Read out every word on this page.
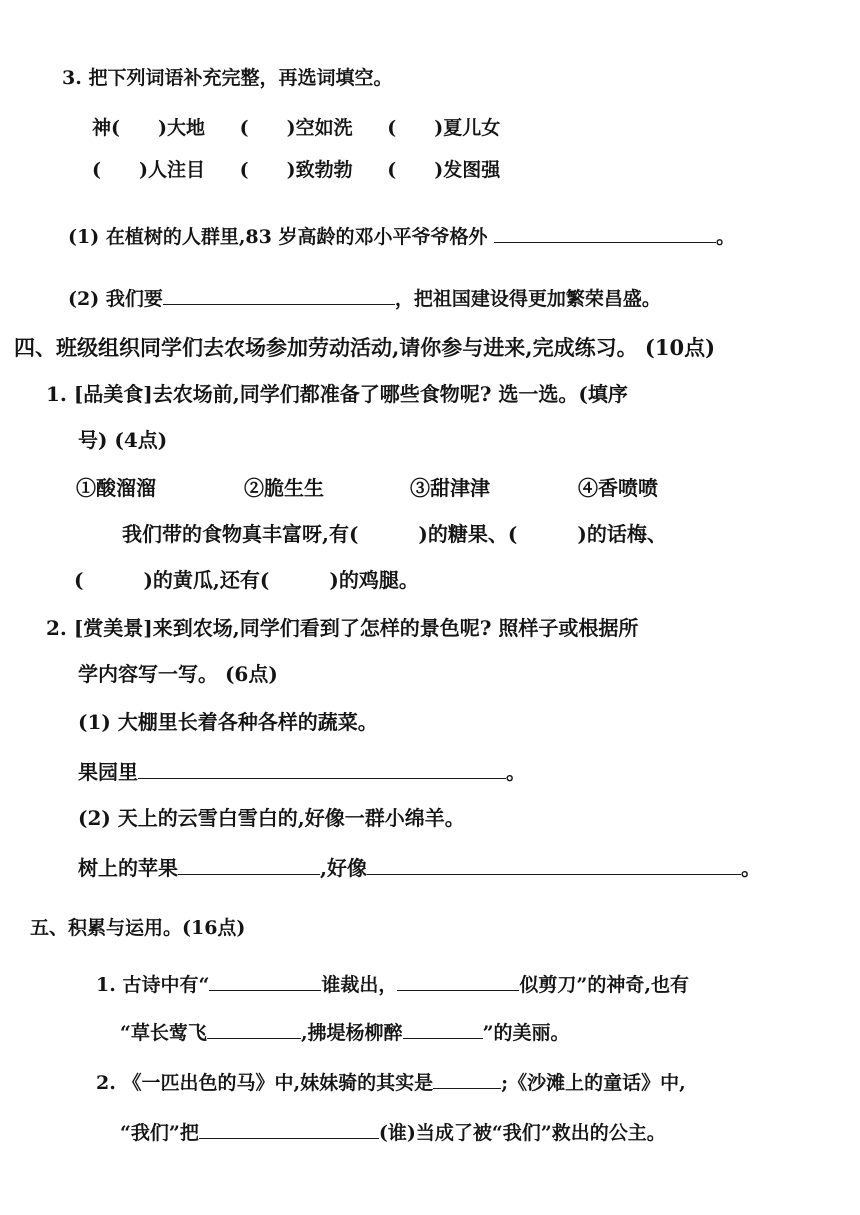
3. 把下列词语补充完整，再选词填空。
神(　　)大地 (　　)空如洗 (　　)夏儿女
(　　)人注目 (　　)致勃勃 (　　)发图强
(1) 在植树的人群里,83 岁高龄的邓小平爷爷格外	。
(2) 我们要	，把祖国建设得更加繁荣昌盛。
四、班级组织同学们去农场参加劳动活动,请你参与进来,完成练习。 (10点)
1. [品美食]去农场前,同学们都准备了哪些食物呢? 选一选。(填序
号) (4点)
①酸溜溜	②脆生生	③甜津津	④香喷喷
我们带的食物真丰富呀,有(　　　)的糖果、(　　　)的话梅、
(　　　)的黄瓜,还有(　　　)的鸡腿。
2. [赏美景]来到农场,同学们看到了怎样的景色呢? 照样子或根据所
学内容写一写。 (6点)
(1) 大棚里长着各种各样的蔬菜。
果园里	。
(2) 天上的云雪白雪白的,好像一群小绵羊。
树上的苹果	,好像	。
五、积累与运用。(16点)
1. 古诗中有“	谁裁出，	似剪刀”的神奇,也有
“草长莺飞	,拂堤杨柳醉	”的美丽。
2. 《一匹出色的马》中,妹妹骑的其实是	;《沙滩上的童话》中,
“我们”把	(谁)当成了被“我们”救出的公主。
